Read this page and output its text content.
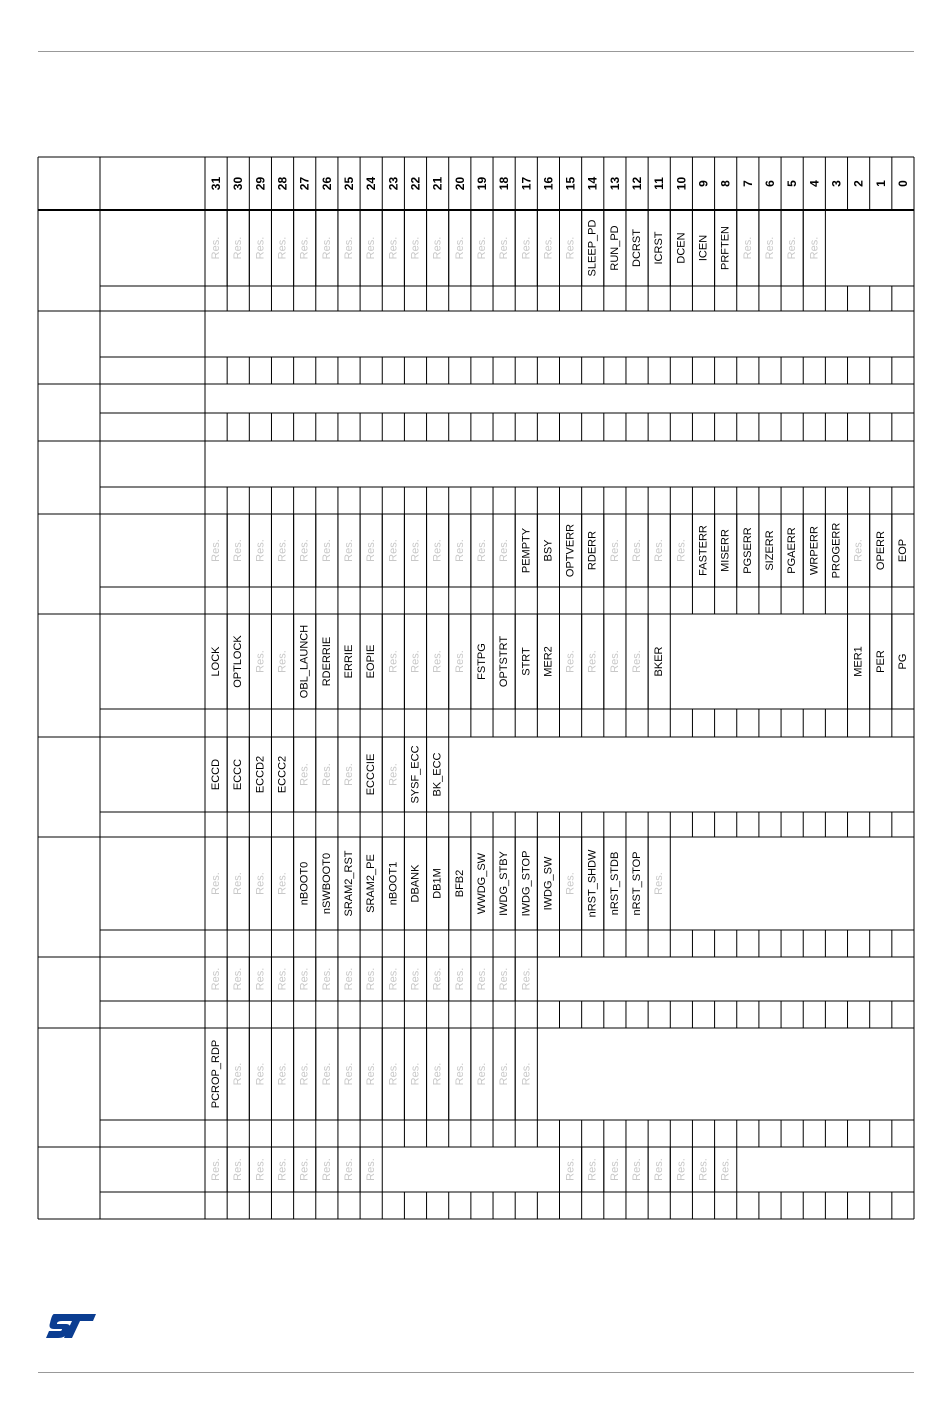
31 30 29 28 27 26 25 24 23 22 21 20 19 18 17 16 15 14 13 12 11 10 9 8 7 6 5 4 3 2 1 0
Res. Res. Res. Res. Res. Res. Res. Res. Res. Res. Res. Res. Res. Res. Res. Res. Res. SLEEP_PD RUN_PD DCRST ICRST DCEN ICEN PRFTEN Res. Res. Res. Res.
Res. Res. Res. Res. Res. Res. Res. Res. Res. Res. Res. Res. Res. Res. PEMPTY BSY OPTVERR RDERR Res. Res. Res. Res. FASTERR MISERR PGSERR SIZERR PGAERR WRPERR PROGERR Res. OPERR EOP
LOCK OPTLOCK Res. Res. OBL_LAUNCH RDERRIE ERRIE EOPIE Res. Res. Res. Res. FSTPG OPTSTRT STRT MER2 Res. Res. Res. Res. BKER	MER1 PER PG
ECCD ECCC ECCD2 ECCC2 Res. Res. Res. ECCCIE Res. SYSF_ECC BK_ECC
Res. Res. Res. Res. nBOOT0 nSWBOOT0 SRAM2_RST SRAM2_PE nBOOT1 DBANK DB1M BFB2 WWDG_SW IWDG_STBY IWDG_STOP IWDG_SW Res. nRST_SHDW nRST_STDB nRST_STOP Res.
Res. Res. Res. Res. Res. Res. Res. Res. Res. Res. Res. Res. Res. Res. Res.
PCROP_RDP Res. Res. Res. Res. Res. Res. Res. Res. Res. Res. Res. Res. Res. Res.
Res. Res. Res. Res. Res. Res. Res. Res.	Res. Res. Res. Res. Res. Res. Res. Res.
